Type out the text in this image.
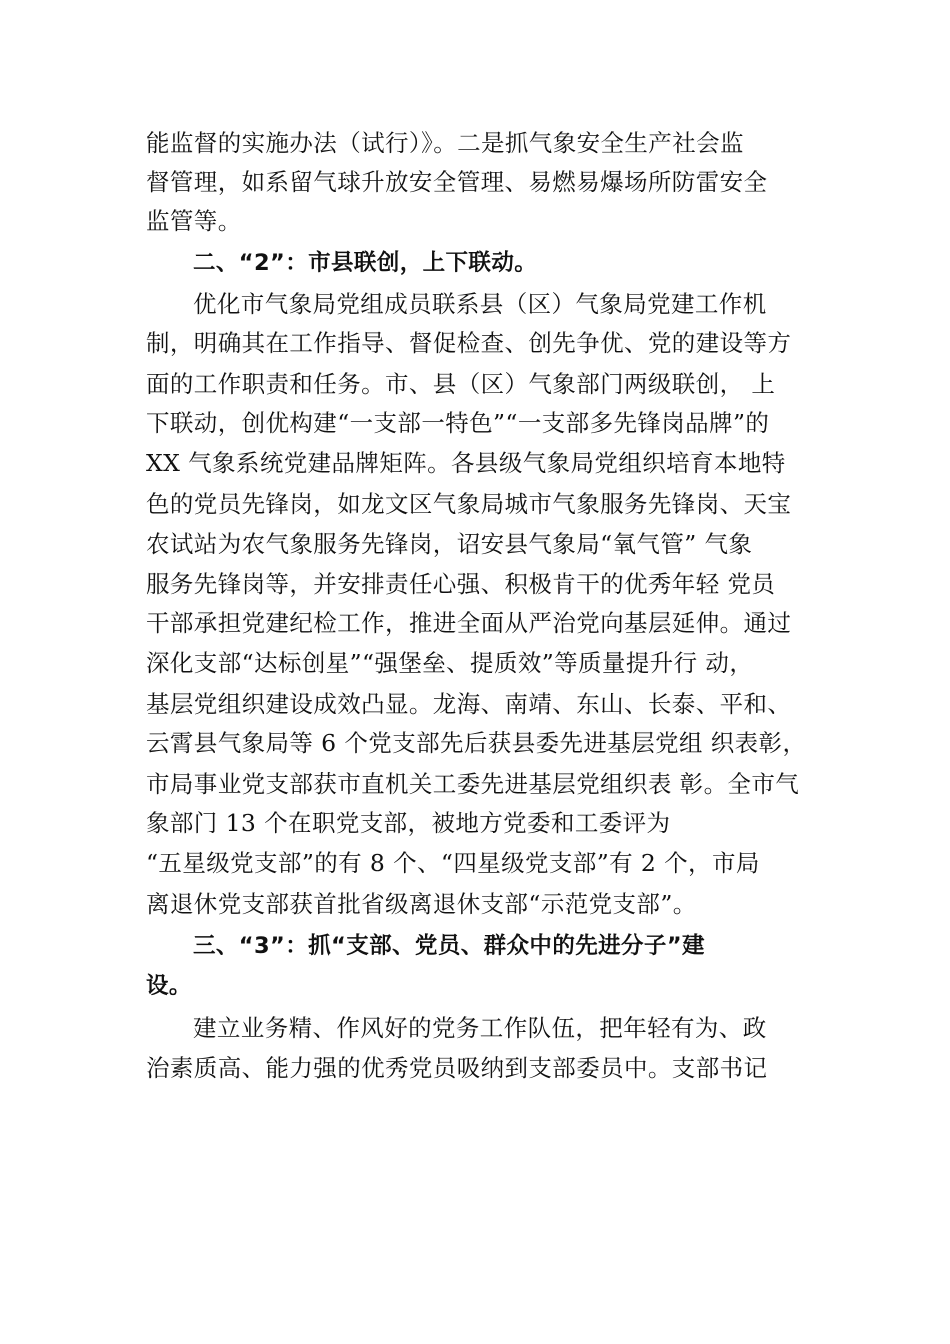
能监督的实施办法（试行）》。二是抓气象安全生产社会监
督管理，如系留气球升放安全管理、易燃易爆场所防雷安全
监管等。
二、“2”：市县联创，上下联动。
优化市气象局党组成员联系县（区）气象局党建工作机
制，明确其在工作指导、督促检查、创先争优、党的建设等方
面的工作职责和任务。市、县（区）气象部门两级联创， 上
下联动，创优构建“一支部一特色”“一支部多先锋岗品牌”的
XX 气象系统党建品牌矩阵。各县级气象局党组织培育本地特
色的党员先锋岗，如龙文区气象局城市气象服务先锋岗、天宝
农试站为农气象服务先锋岗，诏安县气象局“氧气管” 气象
服务先锋岗等，并安排责任心强、积极肯干的优秀年轻 党员
干部承担党建纪检工作，推进全面从严治党向基层延伸。通过
深化支部“达标创星”“强堡垒、提质效”等质量提升行 动，
基层党组织建设成效凸显。龙海、南靖、东山、长泰、平和、
云霄县气象局等 6 个党支部先后获县委先进基层党组 织表彰，
市局事业党支部获市直机关工委先进基层党组织表 彰。全市气
象部门 13 个在职党支部，被地方党委和工委评为
“五星级党支部”的有 8 个、“四星级党支部”有 2 个，市局
离退休党支部获首批省级离退休支部“示范党支部”。
三、“3”：抓“支部、党员、群众中的先进分子”建
设。
建立业务精、作风好的党务工作队伍，把年轻有为、政
治素质高、能力强的优秀党员吸纳到支部委员中。支部书记
